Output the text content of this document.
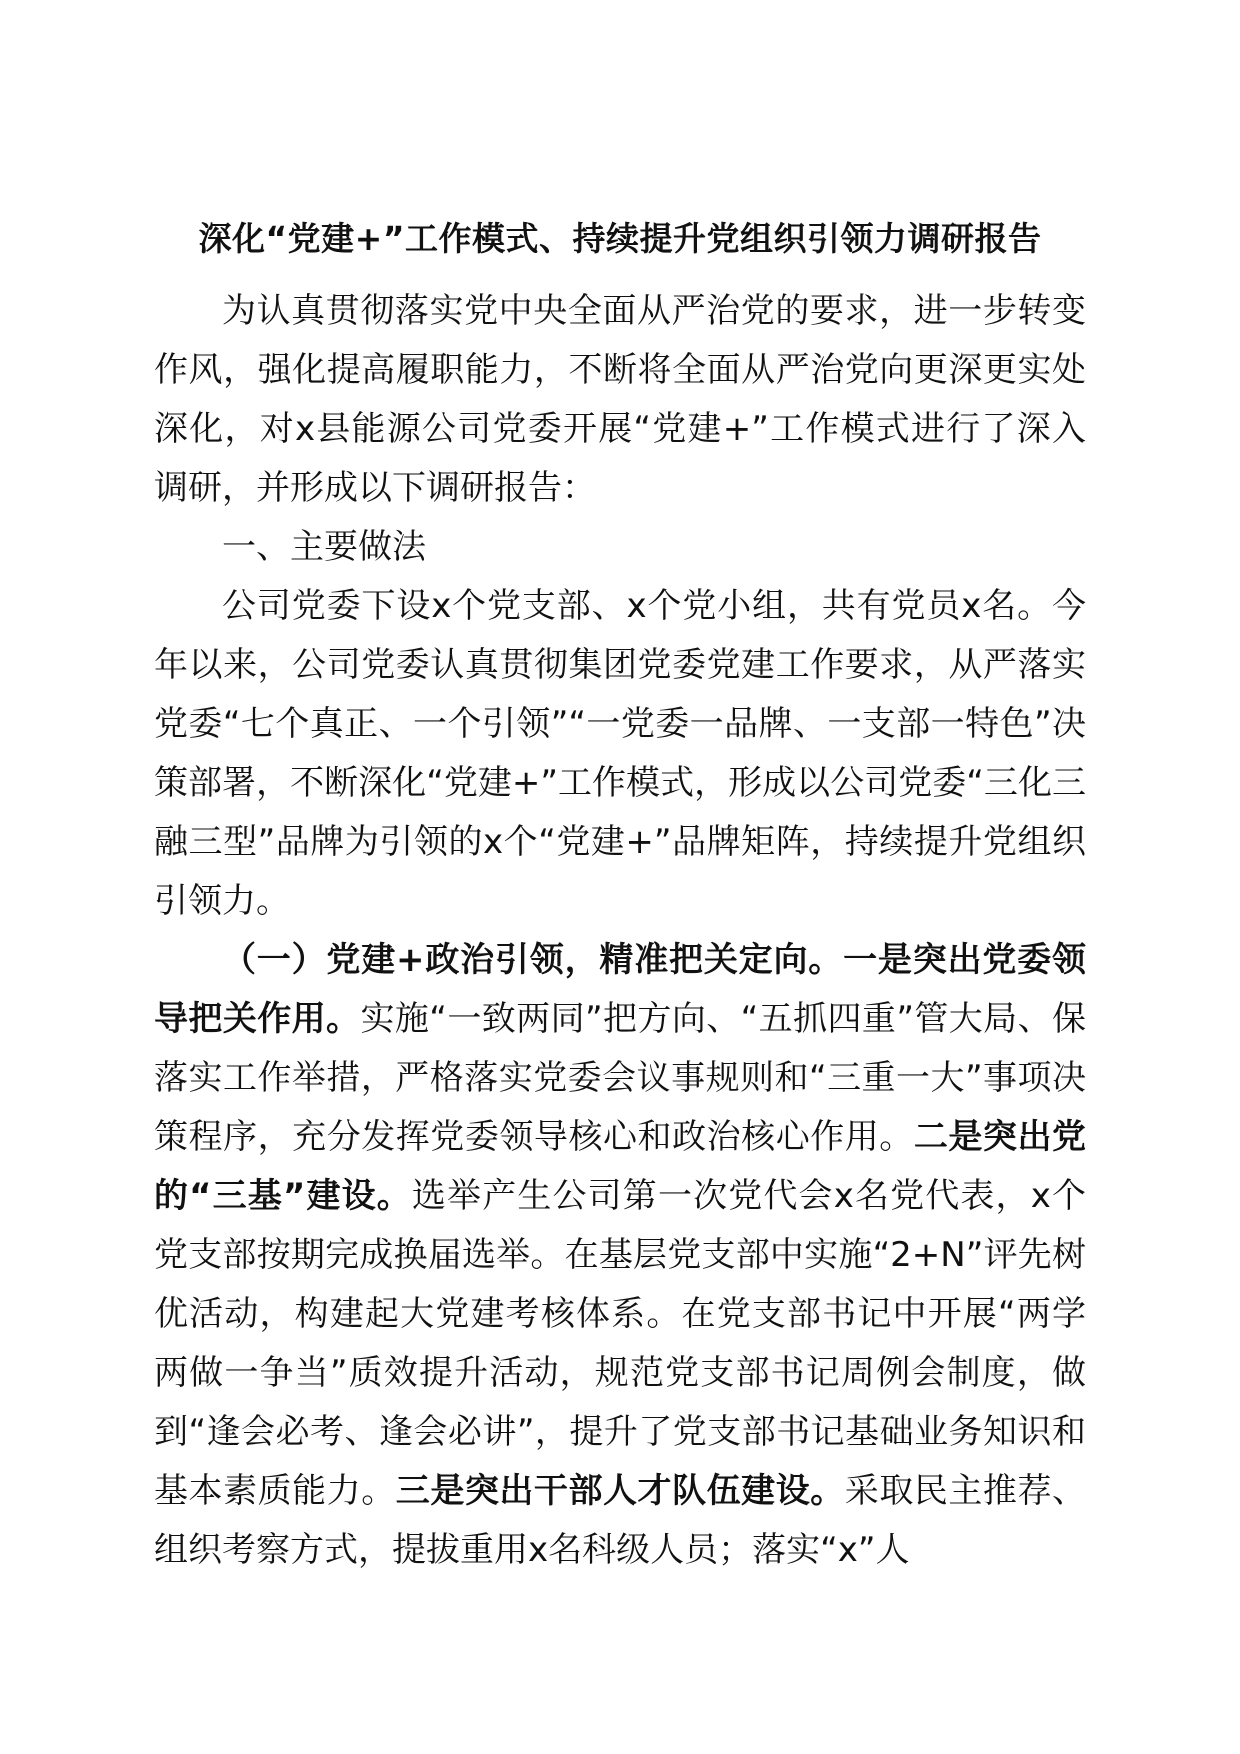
深化“党建+”工作模式、持续提升党组织引领力调研报告

为认真贯彻落实党中央全面从严治党的要求，进一步转变作风，强化提高履职能力，不断将全面从严治党向更深更实处深化，对x县能源公司党委开展“党建+”工作模式进行了深入调研，并形成以下调研报告：

一、主要做法

公司党委下设x个党支部、x个党小组，共有党员x名。今年以来，公司党委认真贯彻集团党委党建工作要求，从严落实党委“七个真正、一个引领”“一党委一品牌、一支部一特色”决策部署，不断深化“党建+”工作模式，形成以公司党委“三化三融三型”品牌为引领的x个“党建+”品牌矩阵，持续提升党组织引领力。

（一）党建+政治引领，精准把关定向。一是突出党委领导把关作用。实施“一致两同”把方向、“五抓四重”管大局、保落实工作举措，严格落实党委会议事规则和“三重一大”事项决策程序，充分发挥党委领导核心和政治核心作用。二是突出党的“三基”建设。选举产生公司第一次党代会x名党代表，x个党支部按期完成换届选举。在基层党支部中实施“2+N”评先树优活动，构建起大党建考核体系。在党支部书记中开展“两学两做一争当”质效提升活动，规范党支部书记周例会制度，做到“逢会必考、逢会必讲”，提升了党支部书记基础业务知识和基本素质能力。三是突出干部人才队伍建设。采取民主推荐、组织考察方式，提拔重用x名科级人员；落实“x”人
